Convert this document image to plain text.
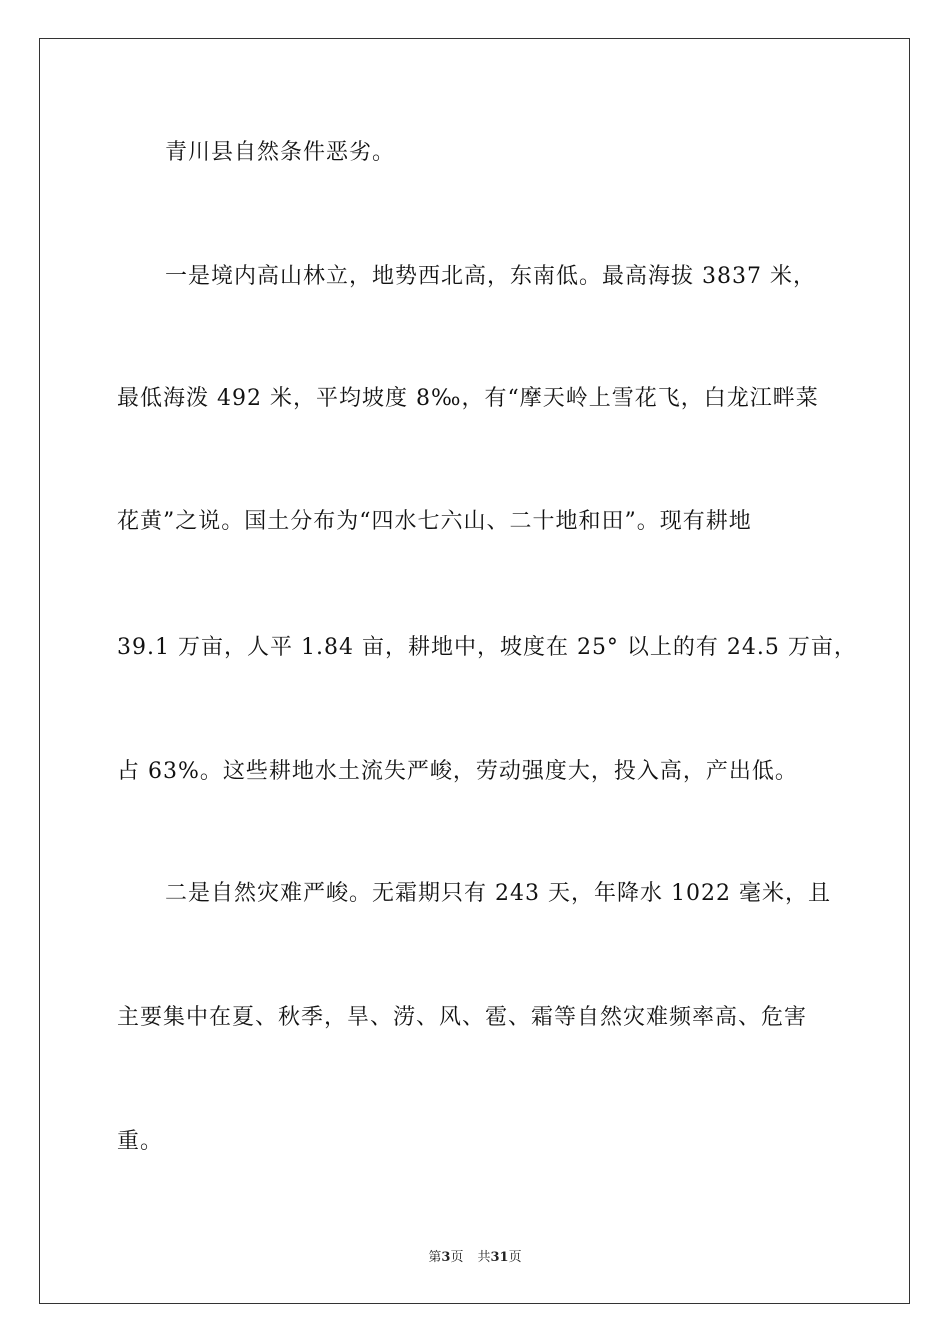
青川县自然条件恶劣。
一是境内高山林立，地势西北高，东南低。最高海拔 3837 米，
最低海泼 492 米，平均坡度 8‰，有“摩天岭上雪花飞，白龙江畔菜
花黄”之说。国土分布为“四水七六山、二十地和田”。现有耕地
39.1 万亩，人平 1.84 亩，耕地中，坡度在 25° 以上的有 24.5 万亩，
占 63%。这些耕地水土流失严峻，劳动强度大，投入高，产出低。
二是自然灾难严峻。无霜期只有 243 天，年降水 1022 毫米，且
主要集中在夏、秋季，旱、涝、风、雹、霜等自然灾难频率高、危害
重。
第3页 共31页
